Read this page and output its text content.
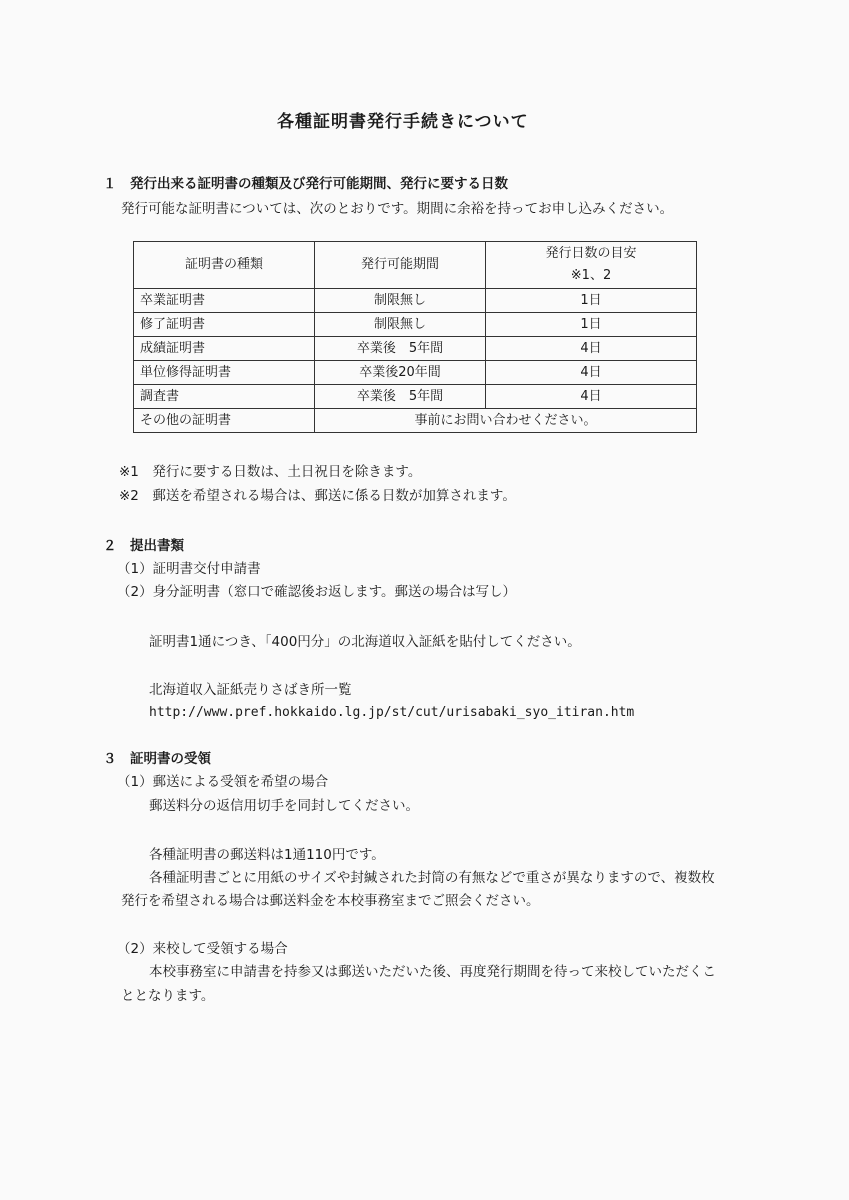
各種証明書発行手続きについて
１　発行出来る証明書の種類及び発行可能期間、発行に要する日数
発行可能な証明書については、次のとおりです。期間に余裕を持ってお申し込みください。
証明書の種類	発行可能期間	発行日数の目安
※1、2

卒業証明書	制限無し	1日
修了証明書	制限無し	1日
成績証明書	卒業後　5年間	4日
単位修得証明書	卒業後20年間	4日
調査書	卒業後　5年間	4日
その他の証明書	事前にお問い合わせください。	
※1　発行に要する日数は、土日祝日を除きます。
※2　郵送を希望される場合は、郵送に係る日数が加算されます。
２　提出書類
（1）証明書交付申請書
（2）身分証明書（窓口で確認後お返します。郵送の場合は写し）
証明書1通につき、「400円分」の北海道収入証紙を貼付してください。
北海道収入証紙売りさばき所一覧
http://www.pref.hokkaido.lg.jp/st/cut/urisabaki_syo_itiran.htm
３　証明書の受領
（1）郵送による受領を希望の場合
郵送料分の返信用切手を同封してください。
各種証明書の郵送料は1通110円です。
各種証明書ごとに用紙のサイズや封緘された封筒の有無などで重さが異なりますので、複数枚
発行を希望される場合は郵送料金を本校事務室までご照会ください。
（2）来校して受領する場合
本校事務室に申請書を持参又は郵送いただいた後、再度発行期間を待って来校していただくこ
ととなります。
